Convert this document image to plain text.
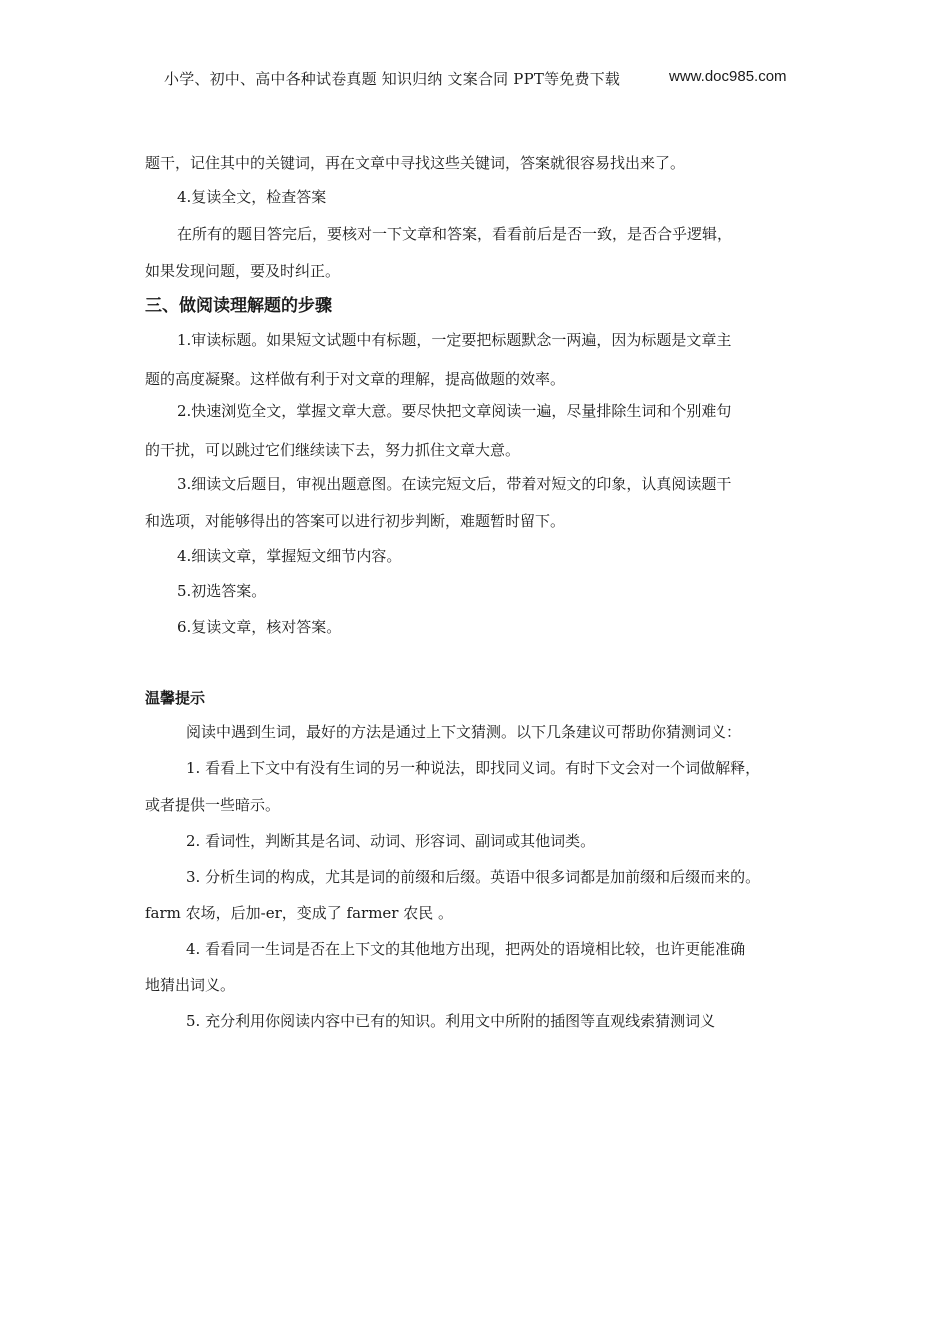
小学、初中、高中各种试卷真题 知识归纳 文案合同 PPT等免费下载	www.doc985.com
题干，记住其中的关键词，再在文章中寻找这些关键词，答案就很容易找出来了。
4.复读全文，检查答案
在所有的题目答完后，要核对一下文章和答案，看看前后是否一致，是否合乎逻辑，
如果发现问题，要及时纠正。
三、做阅读理解题的步骤
1.审读标题。如果短文试题中有标题，一定要把标题默念一两遍，因为标题是文章主
题的高度凝聚。这样做有利于对文章的理解，提高做题的效率。
2.快速浏览全文，掌握文章大意。要尽快把文章阅读一遍，尽量排除生词和个别难句
的干扰，可以跳过它们继续读下去，努力抓住文章大意。
3.细读文后题目，审视出题意图。在读完短文后，带着对短文的印象，认真阅读题干
和选项，对能够得出的答案可以进行初步判断，难题暂时留下。
4.细读文章，掌握短文细节内容。
5.初选答案。
6.复读文章，核对答案。
温馨提示
阅读中遇到生词，最好的方法是通过上下文猜测。以下几条建议可帮助你猜测词义：
1. 看看上下文中有没有生词的另一种说法，即找同义词。有时下文会对一个词做解释，
或者提供一些暗示。
2. 看词性，判断其是名词、动词、形容词、副词或其他词类。
3. 分析生词的构成，尤其是词的前缀和后缀。英语中很多词都是加前缀和后缀而来的。
farm 农场，后加-er，变成了 farmer 农民 。
4. 看看同一生词是否在上下文的其他地方出现，把两处的语境相比较，也许更能准确
地猜出词义。
5. 充分利用你阅读内容中已有的知识。利用文中所附的插图等直观线索猜测词义
